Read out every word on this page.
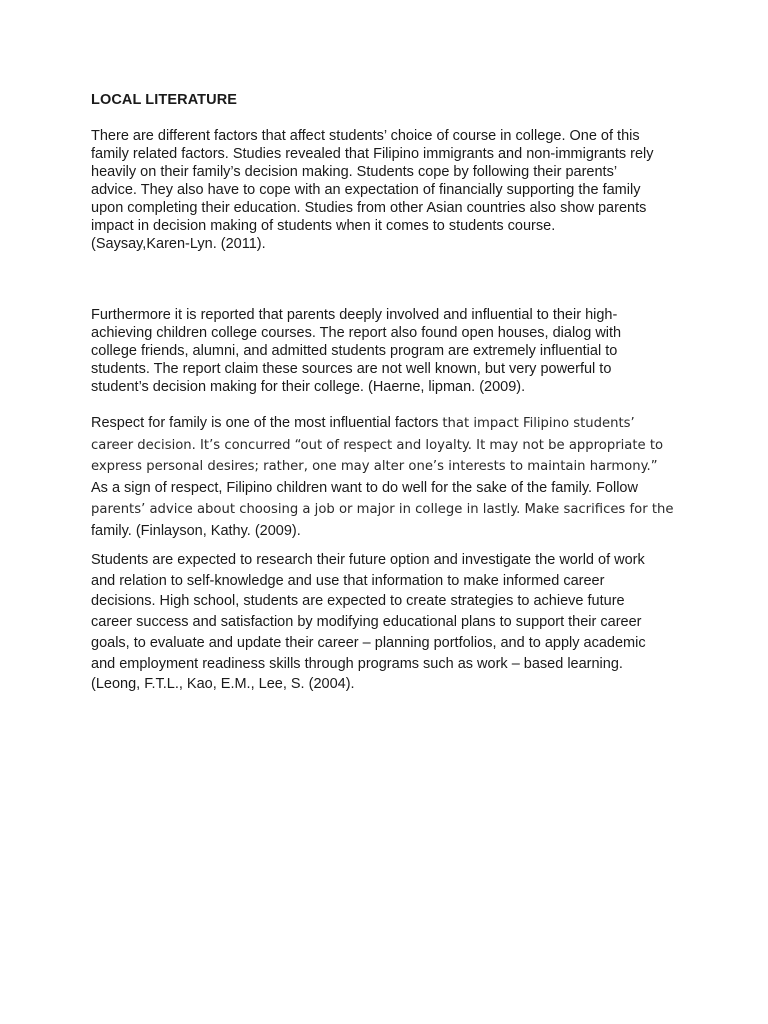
LOCAL LITERATURE
There are different factors that affect students’ choice of course in college. One of this
family related factors. Studies revealed that Filipino immigrants and non-immigrants rely
heavily on their family’s decision making. Students cope by following their parents’
advice. They also have to cope with an expectation of financially supporting the family
upon completing their education. Studies from other Asian countries also show parents
impact in decision making of students when it comes to students course.
(Saysay,Karen-Lyn. (2011).
Furthermore it is reported that parents deeply involved and influential to their high-
achieving children college courses. The report also found open houses, dialog with
college friends, alumni, and admitted students program are extremely influential to
students. The report claim these sources are not well known, but very powerful to
student’s decision making for their college. (Haerne, lipman. (2009).
Respect for family is one of the most influential factors that impact Filipino students’
career decision. It’s concurred “out of respect and loyalty. It may not be appropriate to
express personal desires; rather, one may alter one’s interests to maintain harmony.”
As a sign of respect, Filipino children want to do well for the sake of the family. Follow
parents’ advice about choosing a job or major in college in lastly. Make sacrifices for the
family. (Finlayson, Kathy. (2009).
Students are expected to research their future option and investigate the world of work
and relation to self-knowledge and use that information to make informed career
decisions. High school, students are expected to create strategies to achieve future
career success and satisfaction by modifying educational plans to support their career
goals, to evaluate and update their career – planning portfolios, and to apply academic
and employment readiness skills through programs such as work – based learning.
(Leong, F.T.L., Kao, E.M., Lee, S. (2004).
